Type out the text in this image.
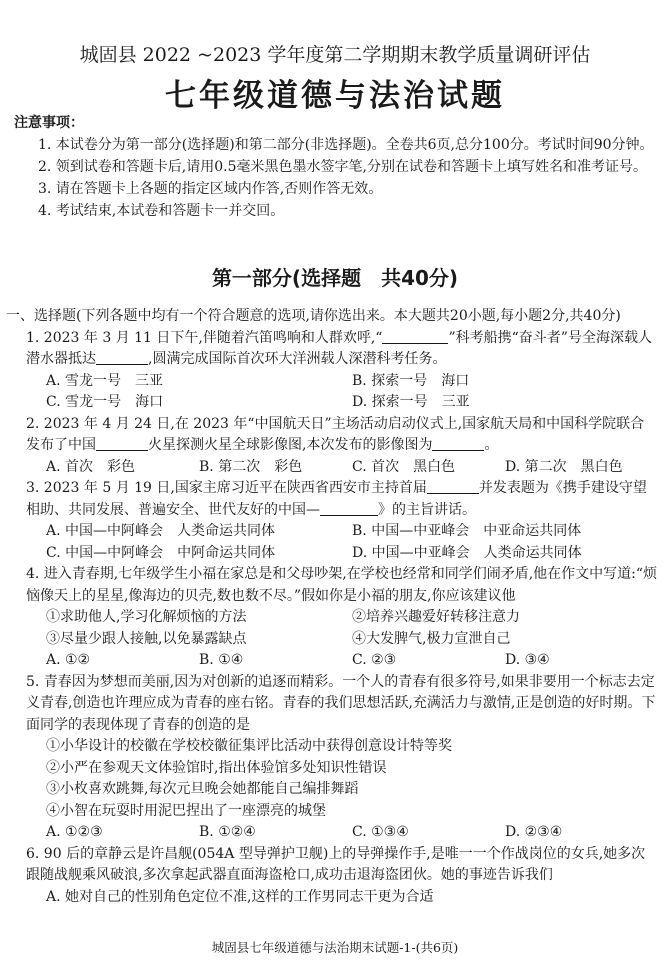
城固县 2022 ~2023 学年度第二学期期末教学质量调研评估
七年级道德与法治试题
注意事项：
1. 本试卷分为第一部分(选择题)和第二部分(非选择题)。全卷共6页,总分100分。考试时间90分钟。
2. 领到试卷和答题卡后,请用0.5毫米黑色墨水签字笔,分别在试卷和答题卡上填写姓名和准考证号。
3. 请在答题卡上各题的指定区域内作答,否则作答无效。
4. 考试结束,本试卷和答题卡一并交回。
第一部分(选择题　共40分)
一、选择题(下列各题中均有一个符合题意的选项,请你选出来。本大题共20小题,每小题2分,共40分)
1. 2023 年 3 月 11 日下午,伴随着汽笛鸣响和人群欢呼,“	”科考船携“奋斗者”号全海深载人潜水器抵达	,圆满完成国际首次环大洋洲载人深潜科考任务。
A. 雪龙一号　三亚	B. 探索一号　海口
C. 雪龙一号　海口	D. 探索一号　三亚
2. 2023 年 4 月 24 日,在 2023 年“中国航天日”主场活动启动仪式上,国家航天局和中国科学院联合发布了中国	火星探测火星全球影像图,本次发布的影像图为	。
A. 首次　彩色	B. 第二次　彩色	C. 首次　黑白色	D. 第二次　黑白色
3. 2023 年 5 月 19 日,国家主席习近平在陕西省西安市主持首届	并发表题为《携手建设守望相助、共同发展、普遍安全、世代友好的中国—	》的主旨讲话。
A. 中国—中阿峰会　人类命运共同体	B. 中国—中亚峰会　中亚命运共同体
C. 中国—中阿峰会　中阿命运共同体	D. 中国—中亚峰会　人类命运共同体
4. 进入青春期,七年级学生小福在家总是和父母吵架,在学校也经常和同学们闹矛盾,他在作文中写道:“烦恼像天上的星星,像海边的贝壳,数也数不尽。”假如你是小福的朋友,你应该建议他
①求助他人,学习化解烦恼的方法	②培养兴趣爱好转移注意力
③尽量少跟人接触,以免暴露缺点	④大发脾气,极力宣泄自己
A. ①②	B. ①④	C. ②③	D. ③④
5. 青春因为梦想而美丽,因为对创新的追逐而精彩。一个人的青春有很多符号,如果非要用一个标志去定义青春,创造也许理应成为青春的座右铭。青春的我们思想活跃,充满活力与激情,正是创造的好时期。下面同学的表现体现了青春的创造的是
①小华设计的校徽在学校校徽征集评比活动中获得创意设计特等奖
②小严在参观天文体验馆时,指出体验馆多处知识性错误
③小枚喜欢跳舞,每次元旦晚会她都能自己编排舞蹈
④小智在玩耍时用泥巴捏出了一座漂亮的城堡
A. ①②③	B. ①②④	C. ①③④	D. ②③④
6. 90 后的章静云是许昌舰(054A 型导弹护卫舰)上的导弹操作手,是唯一一个作战岗位的女兵,她多次跟随战舰乘风破浪,多次拿起武器直面海盗枪口,成功击退海盗团伙。她的事迹告诉我们
A. 她对自己的性别角色定位不准,这样的工作男同志干更为合适
城固县七年级道德与法治期末试题-1-(共6页)
